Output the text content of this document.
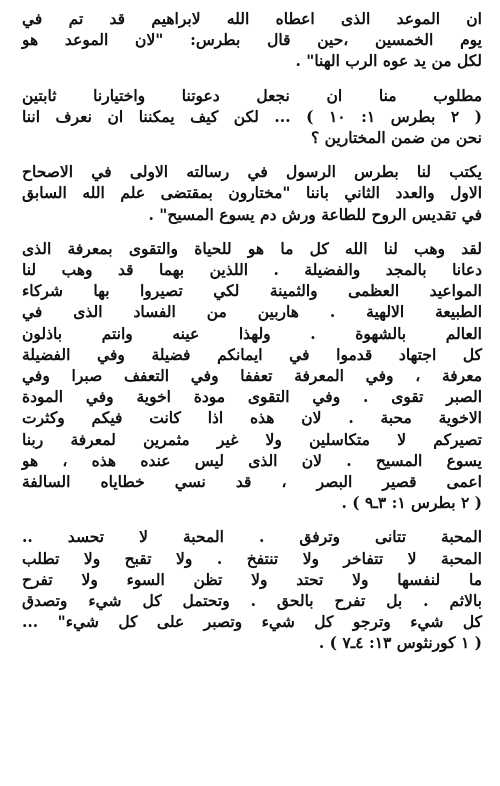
ان الموعد الذى اعطاه الله لابراهيم قد تم في
يوم الخمسين ،حين قال بطرس: "لان الموعد هو
لكل من يد عوه الرب الهنا" .
مطلوب منا ان نجعل دعوتنا واختيارنا ثابتين
( ٢ بطرس ١: ١٠ ) ... لكن كيف يمكننا ان نعرف اننا
نحن من ضمن المختارين ؟
يكتب لنا بطرس الرسول في رسالته الاولى في الاصحاح
الاول والعدد الثاني باننا "مختارون بمقتضى علم الله السابق
في تقديس الروح للطاعة ورش دم يسوع المسيح" .
لقد وهب لنا الله كل ما هو للحياة والتقوى بمعرفة الذى
دعانا بالمجد والفضيلة . اللذين بهما قد وهب لنا
المواعيد العظمى والثمينة لكي تصيروا بها شركاء
الطبيعة الالهية . هاربين من الفساد الذى في
العالم بالشهوة . ولهذا عينه وانتم باذلون
كل اجتهاد قدموا في ايمانكم فضيلة وفي الفضيلة
معرفة ، وفي المعرفة تعففا وفي التعفف صبرا وفي
الصبر تقوى . وفي التقوى مودة اخوية وفي المودة
الاخوية محبة . لان هذه اذا كانت فيكم وكثرت
تصيركم لا متكاسلين ولا غير مثمرين لمعرفة ربنا
يسوع المسيح . لان الذى ليس عنده هذه ، هو
اعمى قصير البصر ، قد نسي خطاياه السالفة
( ٢ بطرس ١: ٣ـ٩ ) .
المحبة تتانى وترفق . المحبة لا تحسد ..
المحبة لا تتفاخر ولا تنتفخ . ولا تقبح ولا تطلب
ما لنفسها ولا تحتد ولا تظن السوء ولا تفرح
بالاثم . بل تفرح بالحق . وتحتمل كل شيء وتصدق
كل شيء وترجو كل شيء وتصبر على كل شيء" ...
( ١ كورنثوس ١٣: ٤ـ٧ ) .
